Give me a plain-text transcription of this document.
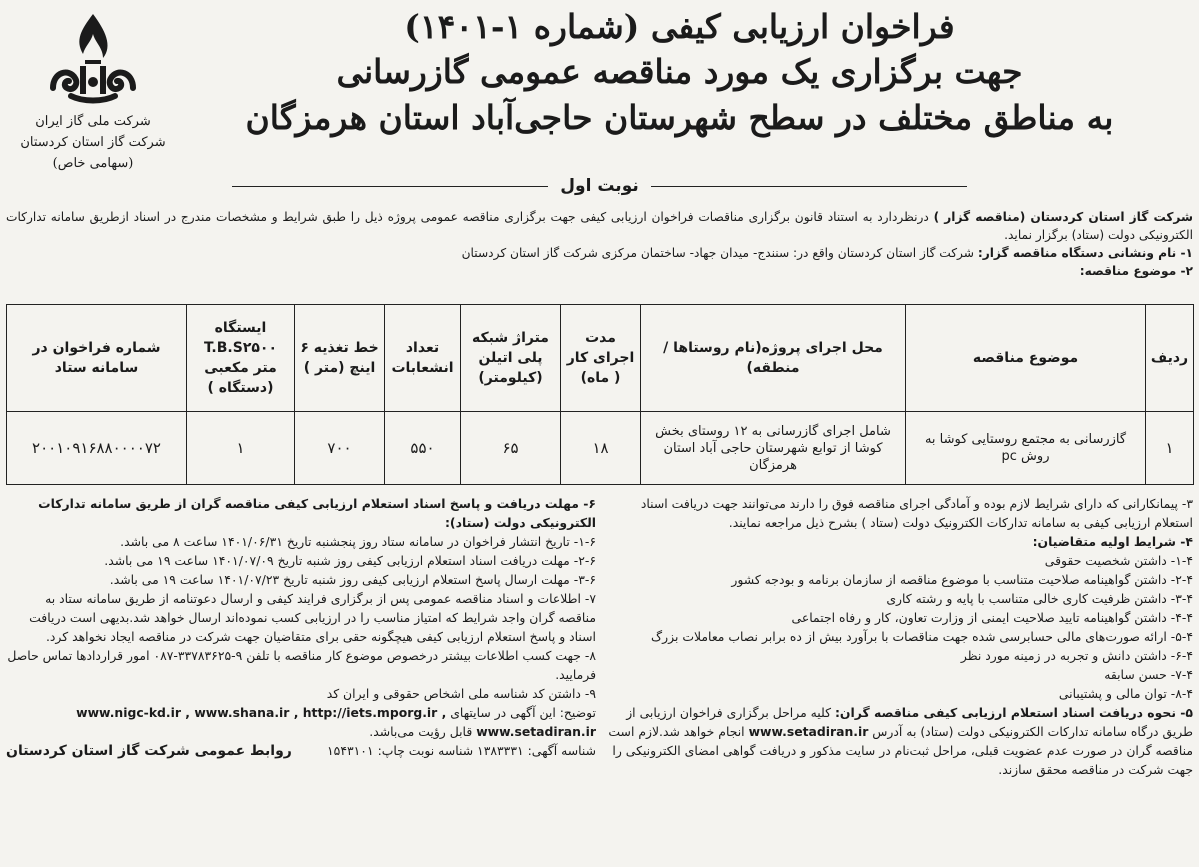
شرکت ملی گاز ایران
شرکت گاز استان کردستان
(سهامی خاص)
فراخوان ارزیابی کیفی (شماره ۱-۱۴۰۱)
جهت برگزاری یک مورد مناقصه عمومی گازرسانی
به مناطق مختلف در سطح شهرستان حاجی‌آباد استان هرمزگان
نوبت اول

شرکت گاز استان کردستان (مناقصه گزار ) درنظردارد به استناد قانون برگزاری مناقصات فراخوان ارزیابی کیفی جهت برگزاری مناقصه عمومی پروژه ذیل را طبق شرایط و مشخصات مندرج در اسناد ازطریق سامانه تدارکات الکترونیکی دولت (ستاد) برگزار نماید.

۱- نام ونشانی دستگاه مناقصه گزار: شرکت گاز استان کردستان واقع در: سنندج- میدان جهاد- ساختمان مرکزی شرکت گاز استان کردستان

۲- موضوع مناقصه:

ردیف	موضوع مناقصه	محل اجرای پروژه(نام روستاها /منطقه)	مدت اجرای کار ( ماه)	متراژ شبکه پلی اتیلن (کیلومتر)	تعداد انشعابات	خط تغذیه ۶ اینچ (متر )	ایستگاه T.B.S۲۵۰۰ متر مکعبی (دستگاه )	شماره فراخوان در سامانه ستاد
۱	گازرسانی به مجتمع روستایی کوشا به روش pc	شامل اجرای گازرسانی به ۱۲ روستای بخش کوشا از توابع شهرستان حاجی آباد استان هرمزگان	۱۸	۶۵	۵۵۰	۷۰۰	۱	۲۰۰۱۰۹۱۶۸۸۰۰۰۰۷۲

۳- پیمانکارانی که دارای شرایط لازم بوده و آمادگی اجرای مناقصه فوق را دارند می‌توانند جهت دریافت اسناد استعلام ارزیابی کیفی به سامانه تدارکات الکترونیک دولت (ستاد ) بشرح ذیل مراجعه نمایند.

۴- شرایط اولیه متقاضیان:

۱-۴- داشتن شخصیت حقوقی

۲-۴- داشتن گواهینامه صلاحیت متناسب با موضوع مناقصه از سازمان برنامه و بودجه کشور

۳-۴- داشتن ظرفیت کاری خالی متناسب با پایه و رشته کاری

۴-۴- داشتن گواهینامه تایید صلاحیت ایمنی از وزارت تعاون، کار و رفاه اجتماعی

۵-۴- ارائه صورت‌های مالی حسابرسی شده جهت مناقصات با برآورد بیش از ده برابر نصاب معاملات بزرگ

۶-۴- داشتن دانش و تجربه در زمینه مورد نظر

۷-۴- حسن سابقه

۸-۴- توان مالی و پشتیبانی

۵- نحوه دریافت اسناد استعلام ارزیابی کیفی مناقصه گران: کلیه مراحل برگزاری فراخوان ارزیابی از طریق درگاه سامانه تدارکات الکترونیکی دولت (ستاد) به آدرس www.setadiran.ir انجام خواهد شد.لازم است مناقصه گران در صورت عدم عضویت قبلی، مراحل ثبت‌نام در سایت مذکور و دریافت گواهی امضای الکترونیکی را جهت شرکت در مناقصه محقق سازند.

۶- مهلت دریافت و پاسخ اسناد استعلام ارزیابی کیفی مناقصه گران از طریق سامانه تدارکات الکترونیکی دولت (ستاد):

۱-۶- تاریخ انتشار فراخوان در سامانه ستاد روز پنجشنبه تاریخ ۱۴۰۱/۰۶/۳۱ ساعت ۸ می باشد.

۲-۶- مهلت دریافت اسناد استعلام ارزیابی کیفی روز شنبه تاریخ ۱۴۰۱/۰۷/۰۹ ساعت ۱۹ می باشد.

۳-۶- مهلت ارسال پاسخ استعلام ارزیابی کیفی روز شنبه تاریخ ۱۴۰۱/۰۷/۲۳ ساعت ۱۹ می باشد.

۷- اطلاعات و اسناد مناقصه عمومی پس از برگزاری فرایند کیفی و ارسال دعوتنامه از طریق سامانه ستاد به مناقصه گران واجد شرایط که امتیاز مناسب را در ارزیابی کسب نموده‌اند ارسال خواهد شد.بدیهی است دریافت اسناد و پاسخ استعلام ارزیابی کیفی هیچگونه حقی برای متقاضیان جهت شرکت در مناقصه ایجاد نخواهد کرد.

۸- جهت کسب اطلاعات بیشتر درخصوص موضوع کار مناقصه با تلفن ۹-۳۳۷۸۳۶۲۵-۰۸۷ امور قراردادها تماس حاصل فرمایید.

۹- داشتن کد شناسه ملی اشخاص حقوقی و ایران کد

توضیح: این آگهی در سایتهای www.nigc-kd.ir , www.shana.ir , http://iets.mporg.ir , www.setadiran.ir قابل رؤیت می‌باشد.

شناسه آگهی: ۱۳۸۳۳۳۱ شناسه نوبت چاپ: ۱۵۴۳۱۰۱
روابط عمومی شرکت گاز استان کردستان
